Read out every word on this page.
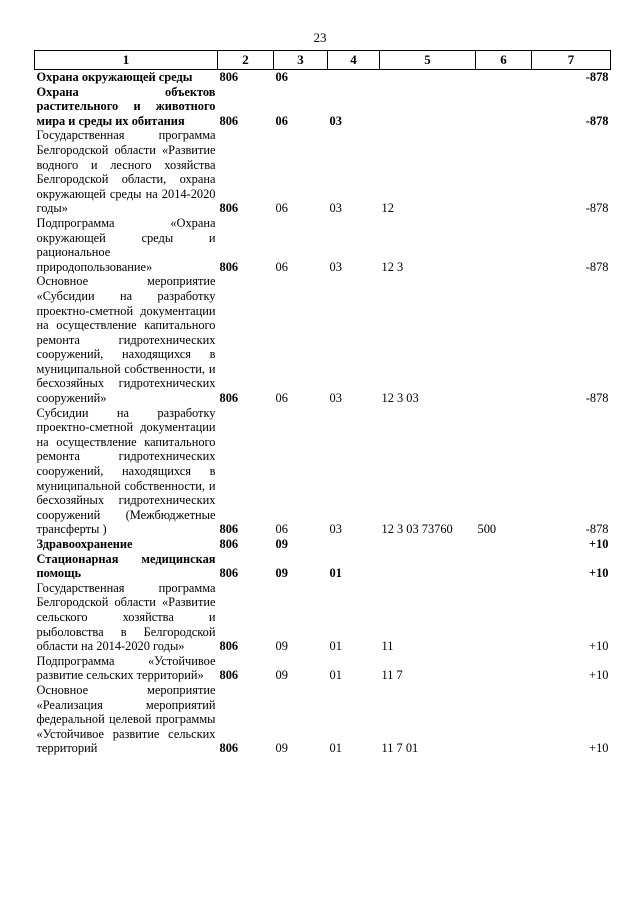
23
1	2	3	4	5	6	7
Охрана окружающей среды	806	06				-878
Охрана объектов растительного и животного мира и среды их обитания	806	06	03			-878
Государственная программа Белгородской области «Развитие водного и лесного хозяйства Белгородской области, охрана окружающей среды на 2014-2020 годы»	806	06	03	12		-878
Подпрограмма «Охрана окружающей среды и рациональное природопользование»	806	06	03	12 3		-878
Основное мероприятие «Субсидии на разработку проектно-сметной документации на осуществление капитального ремонта гидротехнических сооружений, находящихся в муниципальной собственности, и бесхозяйных гидротехнических сооружений»	806	06	03	12 3 03		-878
Субсидии на разработку проектно-сметной документации на осуществление капитального ремонта гидротехнических сооружений, находящихся в муниципальной собственности, и бесхозяйных гидротехнических сооружений (Межбюджетные трансферты )	806	06	03	12 3 03 73760	500	-878
Здравоохранение	806	09				+10
Стационарная медицинская помощь	806	09	01			+10
Государственная программа Белгородской области «Развитие сельского хозяйства и рыболовства в Белгородской области на 2014-2020 годы»	806	09	01	11		+10
Подпрограмма «Устойчивое развитие сельских территорий»	806	09	01	11 7		+10
Основное мероприятие «Реализация мероприятий федеральной целевой программы «Устойчивое развитие сельских территорий	806	09	01	11 7 01		+10
